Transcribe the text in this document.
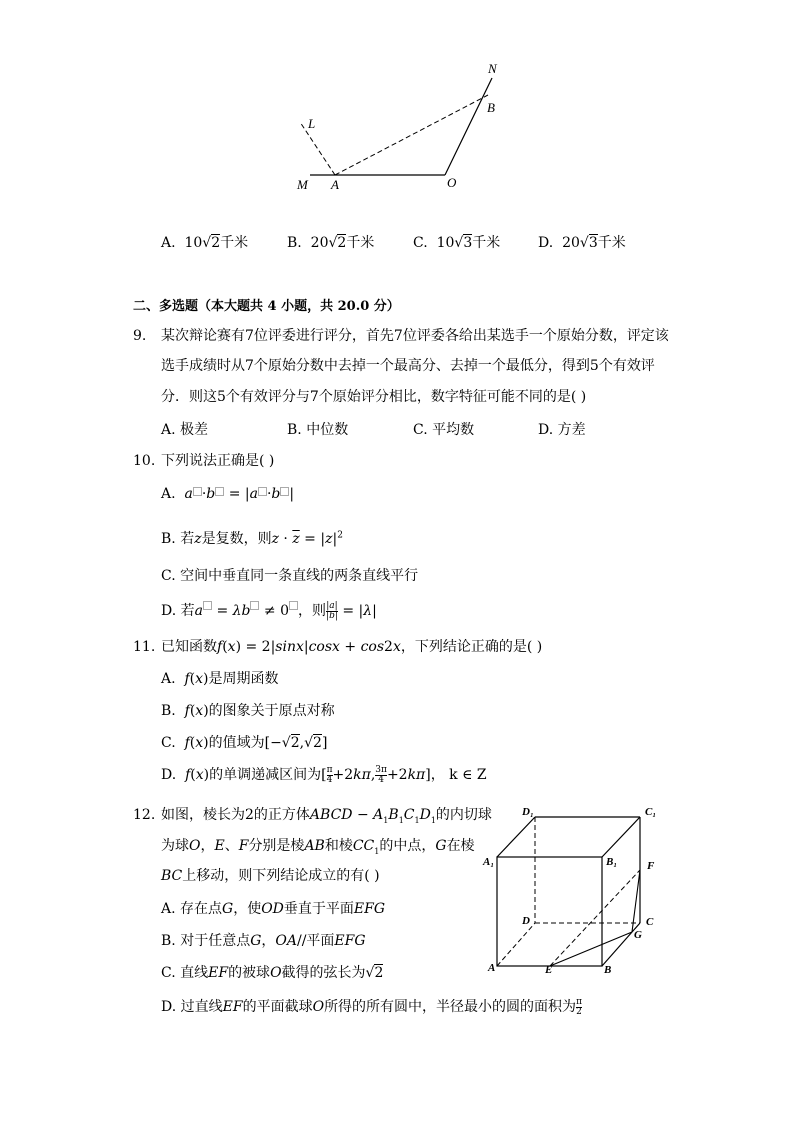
N
B
L
M A	O
A. 10√2千米	B. 20√2千米	C. 10√3千米	D. 20√3千米
二、多选题（本大题共 4 小题，共 20.0 分）
9. 某次辩论赛有7位评委进行评分，首先7位评委各给出某选手一个原始分数，评定该
选手成绩时从7个原始分数中去掉一个最高分、去掉一个最低分，得到5个有效评
分．则这5个有效评分与7个原始评分相比，数字特征可能不同的是( )
A. 极差	B. 中位数	C. 平均数	D. 方差
10. 下列说法正确是( )
A. a ·b = |a ·b |
B. 若z是复数，则$z \cdot \overline{z} = |z|^2$
C. 空间中垂直同一条直线的两条直线平行
D. 若a = λb ≠ 0 ，则 $\frac{|a|}{|b|} = |\lambda|$
11. 已知函数f(x) = 2|sinx|cosx + cos2x，下列结论正确的是( )
A.  f(x)是周期函数
B.  f(x)的图象关于原点对称
C.  f(x)的值域为[−√2,√2]
D.  f(x)的单调递减区间为[ $\frac{\pi}{4}+2k\pi$, $\frac{3\pi}{4}+2k\pi$]， k ∈ Z
12. 如图，棱长为2的正方体ABCD − $A_1B_1C_1D_1$的内切球
为球O，E、F分别是棱AB和棱$CC_1$的中点，G在棱
BC上移动，则下列结论成立的有( )
A. 存在点G，使OD垂直于平面EFG
B. 对于任意点G，OA//平面EFG
C. 直线EF的被球O截得的弦长为√2
D. 过直线EF的平面截球O所得的所有圆中，半径最小的圆的面积为 $\frac{\pi}{2}$
D₁	C₁
A₁	B₁	F
D	C
G
A	E	B
